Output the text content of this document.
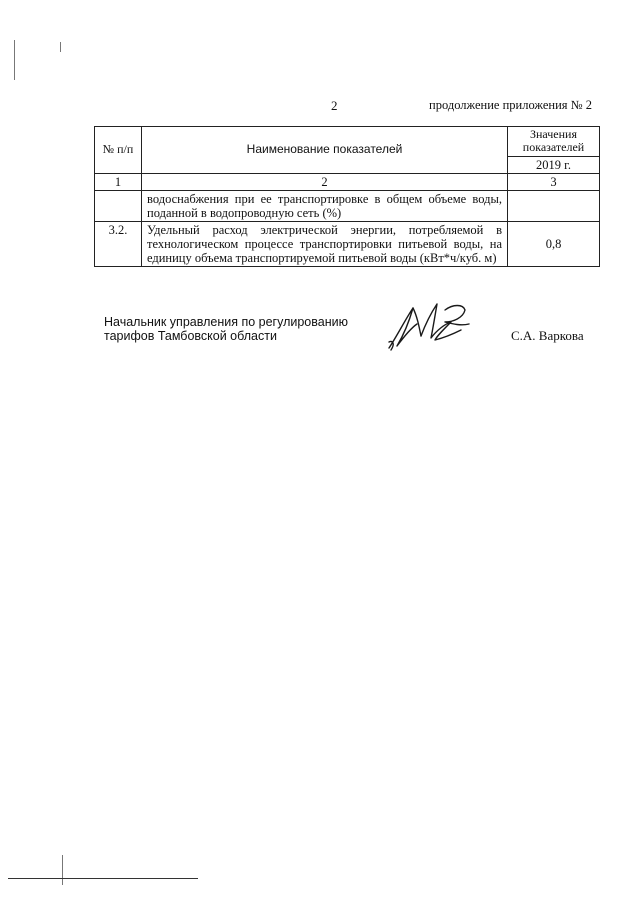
2	продолжение приложения № 2
№ п/п	Наименование показателей	Значения показателей
		2019 г.
1	2	3
	водоснабжения при ее транспортировке в общем объеме воды, поданной в водопроводную сеть (%)	
3.2.	Удельный расход электрической энергии, потребляемой в технологическом процессе транспортировки питьевой воды, на единицу объема транспортируемой питьевой воды (кВт*ч/куб. м)	0,8
Начальник управления по регулированию
тарифов Тамбовской области	С.А. Варкова
